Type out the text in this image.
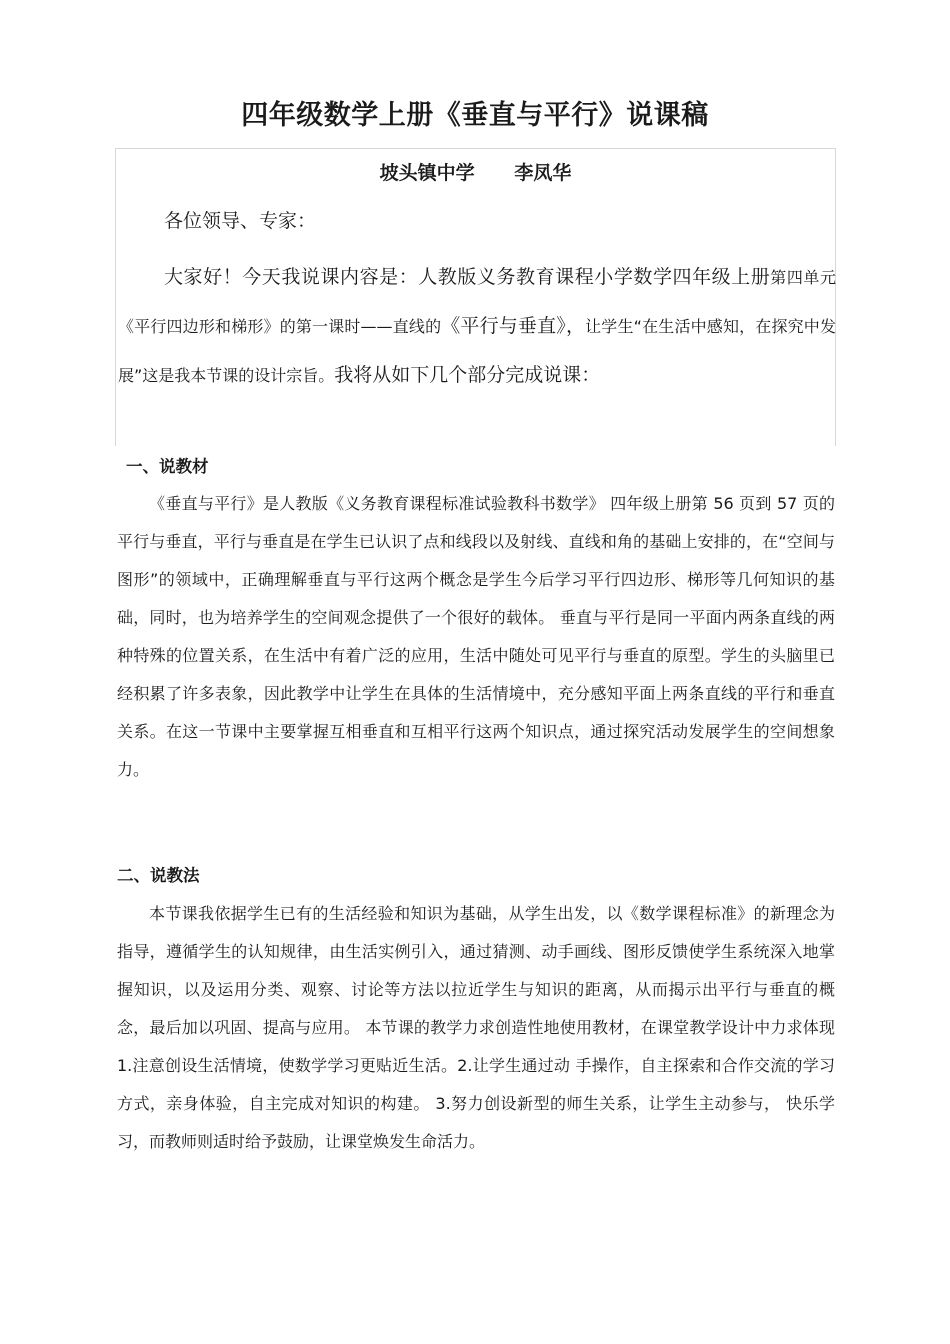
四年级数学上册《垂直与平行》说课稿
坡头镇中学      李凤华
各位领导、专家：
大家好！今天我说课内容是：人教版义务教育课程小学数学四年级上册第四单元《平行四边形和梯形》的第一课时——直线的《平行与垂直》，让学生“在生活中感知，在探究中发展”这是我本节课的设计宗旨。我将从如下几个部分完成说课：
一、说教材
《垂直与平行》是人教版《义务教育课程标准试验教科书数学》 四年级上册第 56 页到 57 页的平行与垂直，平行与垂直是在学生已认识了点和线段以及射线、直线和角的基础上安排的，在“空间与图形”的领域中，正确理解垂直与平行这两个概念是学生今后学习平行四边形、梯形等几何知识的基础，同时，也为培养学生的空间观念提供了一个很好的载体。 垂直与平行是同一平面内两条直线的两种特殊的位置关系，在生活中有着广泛的应用，生活中随处可见平行与垂直的原型。学生的头脑里已经积累了许多表象，因此教学中让学生在具体的生活情境中，充分感知平面上两条直线的平行和垂直关系。在这一节课中主要掌握互相垂直和互相平行这两个知识点，通过探究活动发展学生的空间想象力。
二、说教法
本节课我依据学生已有的生活经验和知识为基础，从学生出发，以《数学课程标准》的新理念为指导，遵循学生的认知规律，由生活实例引入，通过猜测、动手画线、图形反馈使学生系统深入地掌握知识，以及运用分类、观察、讨论等方法以拉近学生与知识的距离，从而揭示出平行与垂直的概念，最后加以巩固、提高与应用。 本节课的教学力求创造性地使用教材，在课堂教学设计中力求体现 1.注意创设生活情境，使数学学习更贴近生活。2.让学生通过动 手操作，自主探索和合作交流的学习方式，亲身体验，自主完成对知识的构建。 3.努力创设新型的师生关系，让学生主动参与， 快乐学习，而教师则适时给予鼓励，让课堂焕发生命活力。
